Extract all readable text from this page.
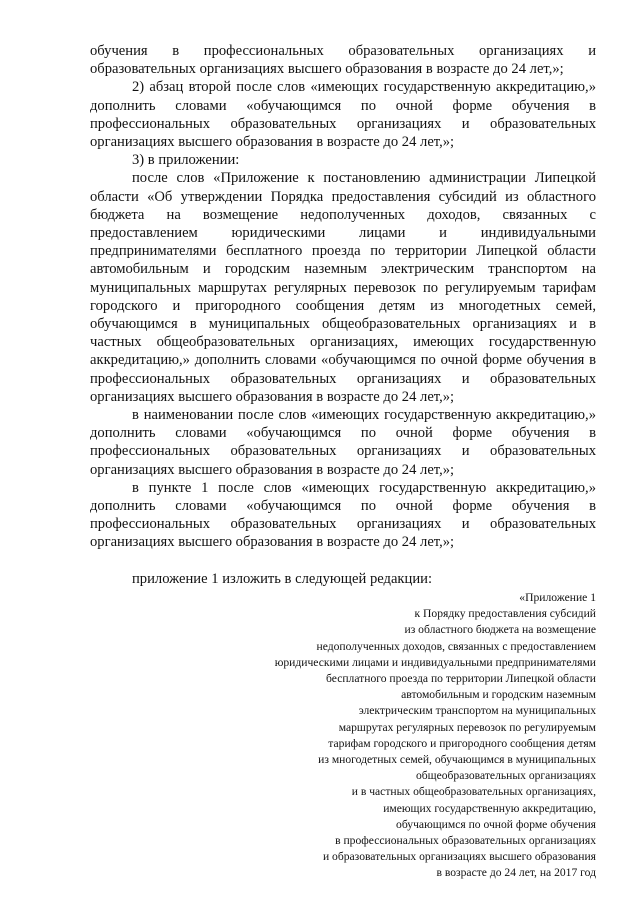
обучения в профессиональных образовательных организациях и образовательных организациях высшего образования в возрасте до 24 лет,»;

2) абзац второй после слов «имеющих государственную аккредитацию,» дополнить словами «обучающимся по очной форме обучения в профессиональных образовательных организациях и образовательных организациях высшего образования в возрасте до 24 лет,»;

3) в приложении:

после слов «Приложение к постановлению администрации Липецкой области «Об утверждении Порядка предоставления субсидий из областного бюджета на возмещение недополученных доходов, связанных с предоставлением юридическими лицами и индивидуальными предпринимателями бесплатного проезда по территории Липецкой области автомобильным и городским наземным электрическим транспортом на муниципальных маршрутах регулярных перевозок по регулируемым тарифам городского и пригородного сообщения детям из многодетных семей, обучающимся в муниципальных общеобразовательных организациях и в частных общеобразовательных организациях, имеющих государственную аккредитацию,» дополнить словами «обучающимся по очной форме обучения в профессиональных образовательных организациях и образовательных организациях высшего образования в возрасте до 24 лет,»;

в наименовании после слов «имеющих государственную аккредитацию,» дополнить словами «обучающимся по очной форме обучения в профессиональных образовательных организациях и образовательных организациях высшего образования в возрасте до 24 лет,»;

в пункте 1 после слов «имеющих государственную аккредитацию,» дополнить словами «обучающимся по очной форме обучения в профессиональных образовательных организациях и образовательных организациях высшего образования в возрасте до 24 лет,»;

приложение 1 изложить в следующей редакции:

«Приложение 1
к Порядку предоставления субсидий
из областного бюджета на возмещение
недополученных доходов, связанных с предоставлением
юридическими лицами и индивидуальными предпринимателями
бесплатного проезда по территории Липецкой области
автомобильным и городским наземным
электрическим транспортом на муниципальных
маршрутах регулярных перевозок по регулируемым
тарифам городского и пригородного сообщения детям
из многодетных семей, обучающимся в муниципальных
общеобразовательных организациях
и в частных общеобразовательных организациях,
имеющих государственную аккредитацию,
обучающимся по очной форме обучения
в профессиональных образовательных организациях
и образовательных организациях высшего образования
в возрасте до 24 лет, на 2017 год
